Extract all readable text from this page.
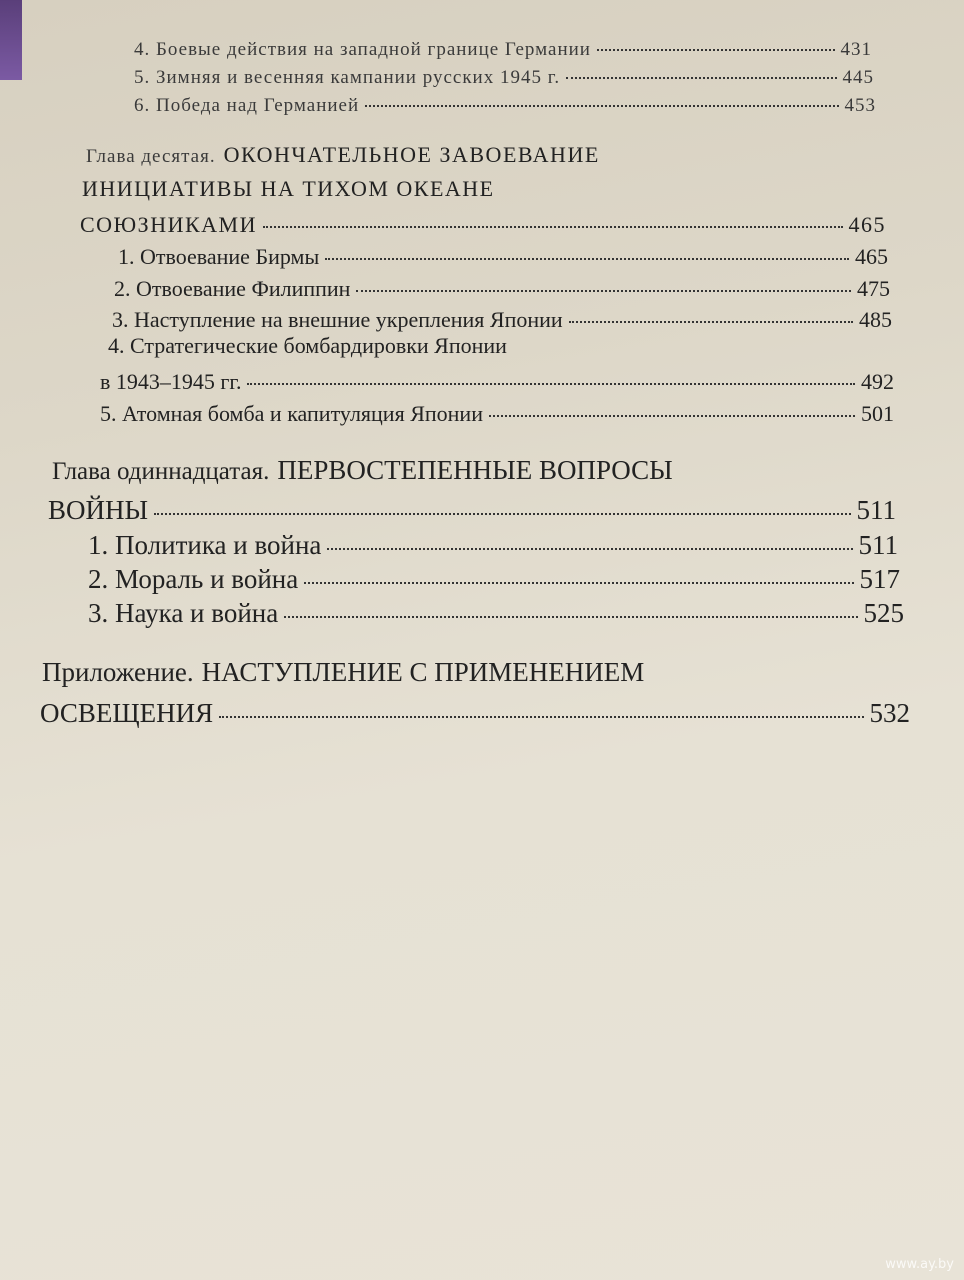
4. Боевые действия на западной границе Германии	431
5. Зимняя и весенняя кампании русских 1945 г.	445
6. Победа над Германией	453
Глава десятая. ОКОНЧАТЕЛЬНОЕ ЗАВОЕВАНИЕ
ИНИЦИАТИВЫ НА ТИХОМ ОКЕАНЕ
СОЮЗНИКАМИ	465
1. Отвоевание Бирмы	465
2. Отвоевание Филиппин	475
3. Наступление на внешние укрепления Японии	485
4. Стратегические бомбардировки Японии
в 1943–1945 гг.	492
5. Атомная бомба и капитуляция Японии	501
Глава одиннадцатая. ПЕРВОСТЕПЕННЫЕ ВОПРОСЫ
ВОЙНЫ	511
1. Политика и война	511
2. Мораль и война	517
3. Наука и война	525
Приложение. НАСТУПЛЕНИЕ С ПРИМЕНЕНИЕМ
ОСВЕЩЕНИЯ	532
www.ay.by
